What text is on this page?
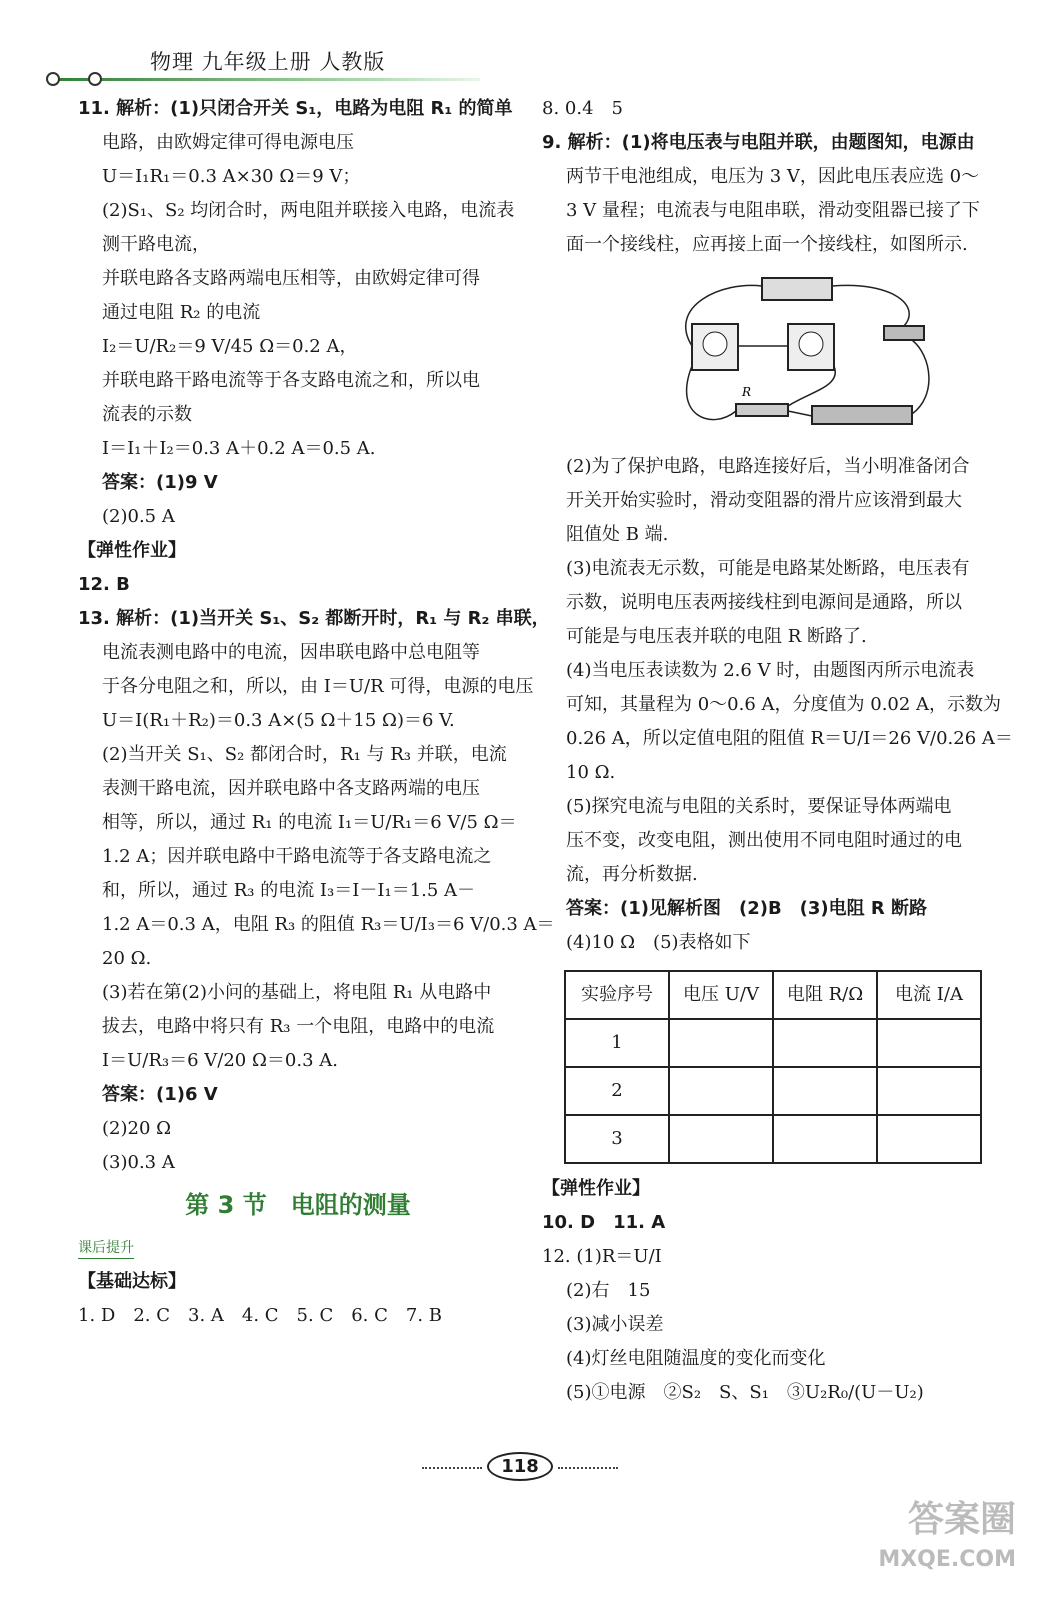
物理 九年级上册 人教版

11. 解析：(1)只闭合开关 S₁，电路为电阻 R₁ 的简单

电路，由欧姆定律可得电源电压

U＝I₁R₁＝0.3 A×30 Ω＝9 V；

(2)S₁、S₂ 均闭合时，两电阻并联接入电路，电流表

测干路电流，

并联电路各支路两端电压相等，由欧姆定律可得

通过电阻 R₂ 的电流

I₂＝U/R₂＝9 V/45 Ω＝0.2 A，

并联电路干路电流等于各支路电流之和，所以电

流表的示数

I＝I₁＋I₂＝0.3 A＋0.2 A＝0.5 A.

答案：(1)9 V

(2)0.5 A

【弹性作业】

12. B

13. 解析：(1)当开关 S₁、S₂ 都断开时，R₁ 与 R₂ 串联，

电流表测电路中的电流，因串联电路中总电阻等

于各分电阻之和，所以，由 I＝U/R 可得，电源的电压

U＝I(R₁＋R₂)＝0.3 A×(5 Ω＋15 Ω)＝6 V.

(2)当开关 S₁、S₂ 都闭合时，R₁ 与 R₃ 并联，电流

表测干路电流，因并联电路中各支路两端的电压

相等，所以，通过 R₁ 的电流 I₁＝U/R₁＝6 V/5 Ω＝

1.2 A；因并联电路中干路电流等于各支路电流之

和，所以，通过 R₃ 的电流 I₃＝I－I₁＝1.5 A－

1.2 A＝0.3 A，电阻 R₃ 的阻值 R₃＝U/I₃＝6 V/0.3 A＝

20 Ω.

(3)若在第(2)小问的基础上，将电阻 R₁ 从电路中

拔去，电路中将只有 R₃ 一个电阻，电路中的电流

I＝U/R₃＝6 V/20 Ω＝0.3 A.

答案：(1)6 V

(2)20 Ω

(3)0.3 A

第 3 节　电阻的测量
课后提升

【基础达标】

1. D　2. C　3. A　4. C　5. C　6. C　7. B

8. 0.4　5

9. 解析：(1)将电压表与电阻并联，由题图知，电源由

两节干电池组成，电压为 3 V，因此电压表应选 0～

3 V 量程；电流表与电阻串联，滑动变阻器已接了下

面一个接线柱，应再接上面一个接线柱，如图所示.

R

(2)为了保护电路，电路连接好后，当小明准备闭合

开关开始实验时，滑动变阻器的滑片应该滑到最大

阻值处 B 端.

(3)电流表无示数，可能是电路某处断路，电压表有

示数，说明电压表两接线柱到电源间是通路，所以

可能是与电压表并联的电阻 R 断路了.

(4)当电压表读数为 2.6 V 时，由题图丙所示电流表

可知，其量程为 0～0.6 A，分度值为 0.02 A，示数为

0.26 A，所以定值电阻的阻值 R＝U/I＝26 V/0.26 A＝

10 Ω.

(5)探究电流与电阻的关系时，要保证导体两端电

压不变，改变电阻，测出使用不同电阻时通过的电

流，再分析数据.

答案：(1)见解析图　(2)B　(3)电阻 R 断路

(4)10 Ω　(5)表格如下

实验序号	电压 U/V	电阻 R/Ω	电流 I/A
1			
2			
3			

【弹性作业】

10. D　11. A

12. (1)R＝U/I

(2)右　15

(3)减小误差

(4)灯丝电阻随温度的变化而变化

(5)①电源　②S₂　S、S₁　③U₂R₀/(U－U₂)

118
答案圈
MXQE.COM
